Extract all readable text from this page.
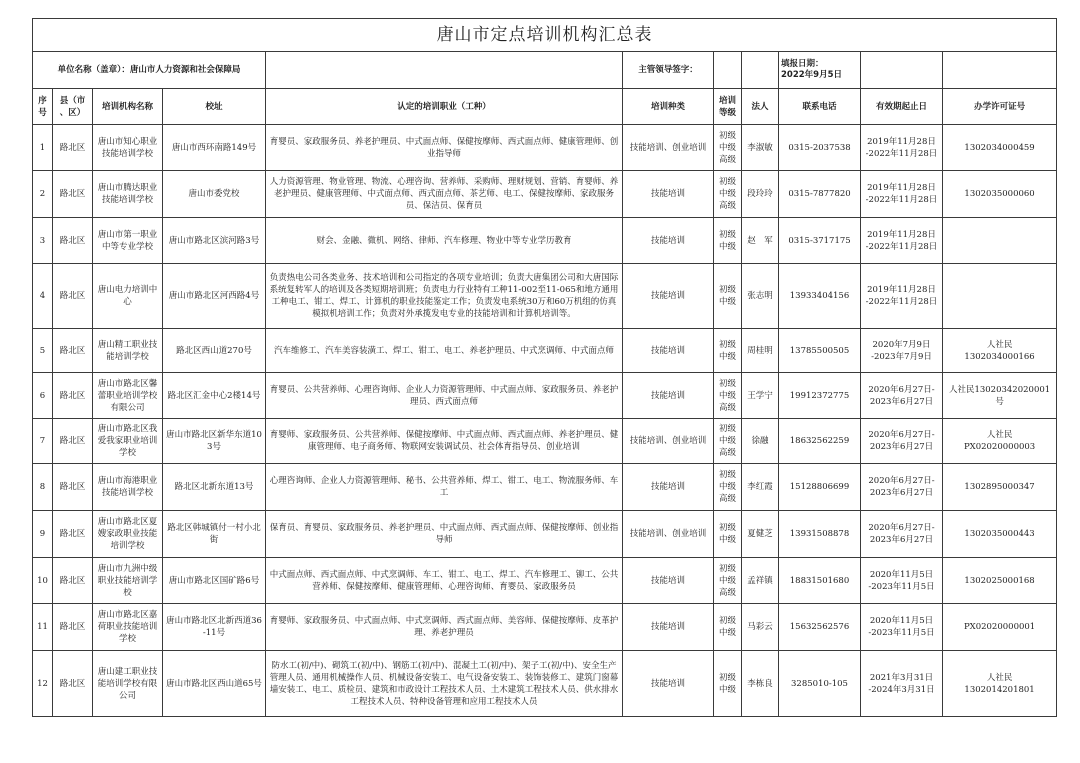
唐山市定点培训机构汇总表										
单位名称（盖章）：唐山市人力资源和社会保障局					主管领导签字：			填报日期：
2022年9月5日		

序
号	县（市
、区）	培训机构名称	校址	认定的培训职业（工种）	培训种类	培训
等级	法人	联系电话	有效期起止日	办学许可证号
1	路北区	唐山市知心职业技能培训学校	唐山市西环南路149号	育婴员、家政服务员、养老护理员、中式面点师、保健按摩师、西式面点师、健康管理师、创业指导师	技能培训、创业培训	初级
中级
高级	李淑敏	0315-2037538	2019年11月28日
-2022年11月28日	1302034000459

2	路北区	唐山市腾达职业技能培训学校	唐山市委党校	人力资源管理、物业管理、物流、心理咨询、营养师、采购师、理财规划、营销、育婴师、养老护理员、健康管理师、中式面点师、西式面点师、茶艺师、电工、保健按摩师、家政服务员、保洁员、保育员	技能培训	初级
中级
高级	段玲玲	0315-7877820	2019年11月28日
-2022年11月28日	1302035000060

3	路北区	唐山市第一职业中等专业学校	唐山市路北区滨河路3号	财会、金融、微机、网络、律师、汽车修理、物业中等专业学历教育	技能培训	初级
中级	赵　军	0315-3717175	2019年11月28日
-2022年11月28日	

4	路北区	唐山电力培训中心	唐山市路北区河西路4号	负责热电公司各类业务、技术培训和公司指定的各项专业培训；负责大唐集团公司和大唐国际系统复转军人的培训及各类短期培训班；负责电力行业特有工种11-002至11-065和地方通用工种电工、钳工、焊工、计算机的职业技能鉴定工作；负责发电系统30万和60万机组的仿真模拟机培训工作；负责对外承揽发电专业的技能培训和计算机培训等。	技能培训	初级
中级	张志明	13933404156	2019年11月28日
-2022年11月28日	

5	路北区	唐山精工职业技能培训学校	路北区西山道270号	汽车维修工、汽车美容装潢工、焊工、钳工、电工、养老护理员、中式烹调师、中式面点师	技能培训	初级
中级	周桂明	13785500505	2020年7月9日
-2023年7月9日	人社民
1302034000166

6	路北区	唐山市路北区馨蕾职业培训学校有限公司	路北区汇金中心2楼14号	育婴员、公共营养师、心理咨询师、企业人力资源管理师、中式面点师、家政服务员、养老护理员、西式面点师	技能培训	初级
中级
高级	王学宁	19912372775	2020年6月27日-
2023年6月27日	人社民13020342020001号

7	路北区	唐山市路北区我爱我家职业培训学校	唐山市路北区新华东道103号	育婴师、家政服务员、公共营养师、保健按摩师、中式面点师、西式面点师、养老护理员、健康管理师、电子商务师、物联网安装调试员、社会体育指导员、创业培训	技能培训、创业培训	初级
中级
高级	徐融	18632562259	2020年6月27日-
2023年6月27日	人社民
PX02020000003

8	路北区	唐山市海港职业技能培训学校	路北区北新东道13号	心理咨询师、企业人力资源管理师、秘书、公共营养师、焊工、钳工、电工、物流服务师、车工	技能培训	初级
中级
高级	李红霞	15128806699	2020年6月27日-
2023年6月27日	1302895000347

9	路北区	唐山市路北区夏嫂家政职业技能培训学校	路北区韩城镇付一村小北街	保育员、育婴员、家政服务员、养老护理员、中式面点师、西式面点师、保健按摩师、创业指导师	技能培训、创业培训	初级
中级	夏健芝	13931508878	2020年6月27日-
2023年6月27日	1302035000443

10	路北区	唐山市九洲中级职业技能培训学校	唐山市路北区国矿路6号	中式面点师、西式面点师、中式烹调师、车工、钳工、电工、焊工、汽车修理工、铆工、公共营养师、保健按摩师、健康管理师、心理咨询师、育婴员、家政服务员	技能培训	初级
中级
高级	孟祥镇	18831501680	2020年11月5日
-2023年11月5日	1302025000168

11	路北区	唐山市路北区嘉荷职业技能培训学校	唐山市路北区北新西道36-11号	育婴师、家政服务员、中式面点师、中式烹调师、西式面点师、美容师、保健按摩师、皮革护理、养老护理员	技能培训	初级
中级	马彩云	15632562576	2020年11月5日
-2023年11月5日	PX02020000001

12	路北区	唐山建工职业技能培训学校有限公司	唐山市路北区西山道65号	防水工(初/中)、砌筑工(初/中)、钢筋工(初/中)、混凝土工(初/中)、架子工(初/中)、安全生产管理人员、通用机械操作人员、机械设备安装工、电气设备安装工、装饰装修工、建筑门窗幕墙安装工、电工、质检员、建筑和市政设计工程技术人员、土木建筑工程技术人员、供水排水工程技术人员、特种设备管理和应用工程技术人员	技能培训	初级
中级	李栋良	3285010-105	2021年3月31日
-2024年3月31日	人社民
1302014201801
